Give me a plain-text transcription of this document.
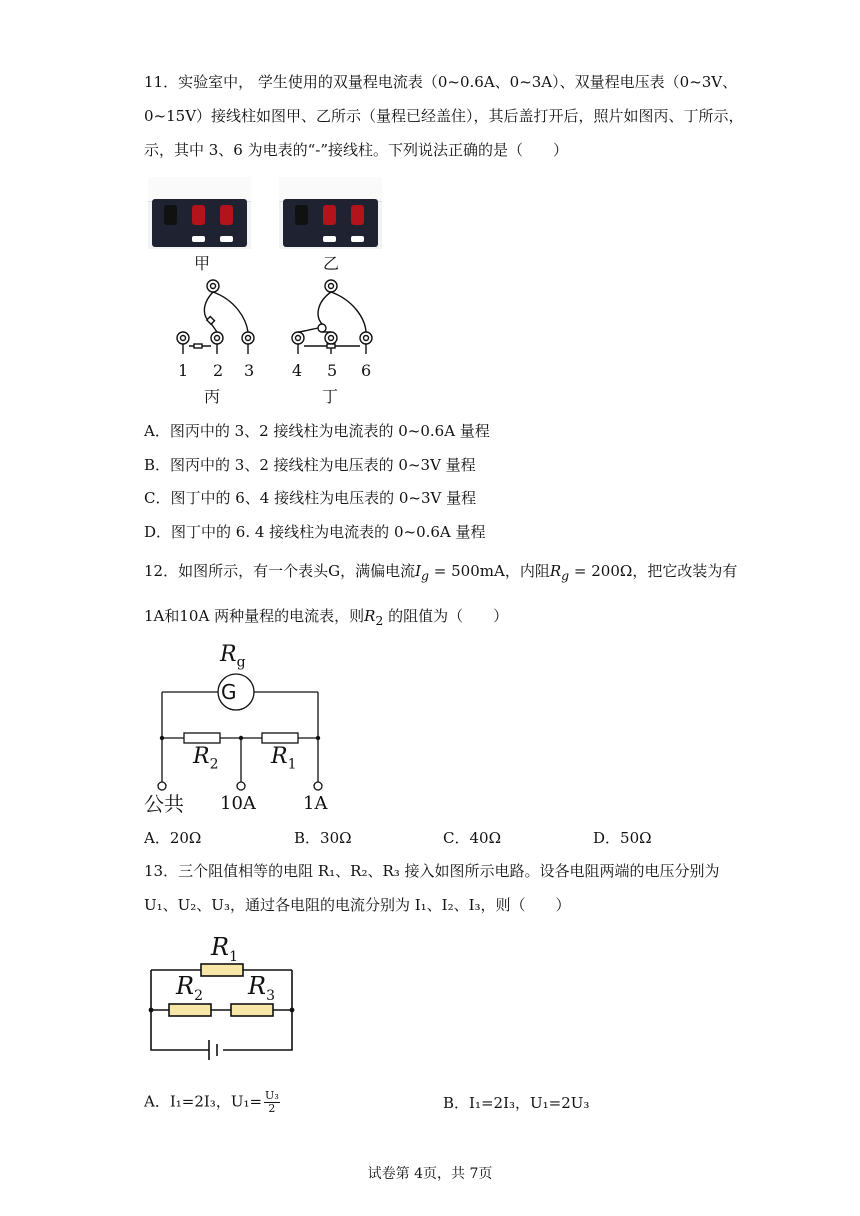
11．实验室中， 学生使用的双量程电流表（0~0.6A、0~3A）、双量程电压表（0~3V、
0~15V）接线柱如图甲、乙所示（量程已经盖住），其后盖打开后，照片如图丙、丁所示，
示，其中 3、6 为电表的“-”接线柱。下列说法正确的是（　　）
甲	乙
1 2 3
丙
4 5 6
丁
A．图丙中的 3、2 接线柱为电流表的 0~0.6A 量程
B．图丙中的 3、2 接线柱为电压表的 0~3V 量程
C．图丁中的 6、4 接线柱为电压表的 0~3V 量程
D．图丁中的 6. 4 接线柱为电流表的 0~0.6A 量程
12．如图所示，有一个表头G，满偏电流$I_g = 500mA$，内阻$R_g = 200\Omega$，把它改装为有
1A和10A 两种量程的电流表，则$R_2$ 的阻值为（　　）
G
$R_g$
$R_2$ $R_1$
公共 10A	1A
A．20Ω	B．30Ω	C．40Ω	D．50Ω
13．三个阻值相等的电阻 R₁、R₂、R₃ 接入如图所示电路。设各电阻两端的电压分别为
U₁、U₂、U₃，通过各电阻的电流分别为 I₁、I₂、I₃，则（　　）
$R_1$
$R_2$ $R_3$
A．I₁=2I₃，$U_1= \frac{\text{U₃}}{2}$	B．I₁=2I₃，U₁=2U₃
试卷第 4页，共 7页
